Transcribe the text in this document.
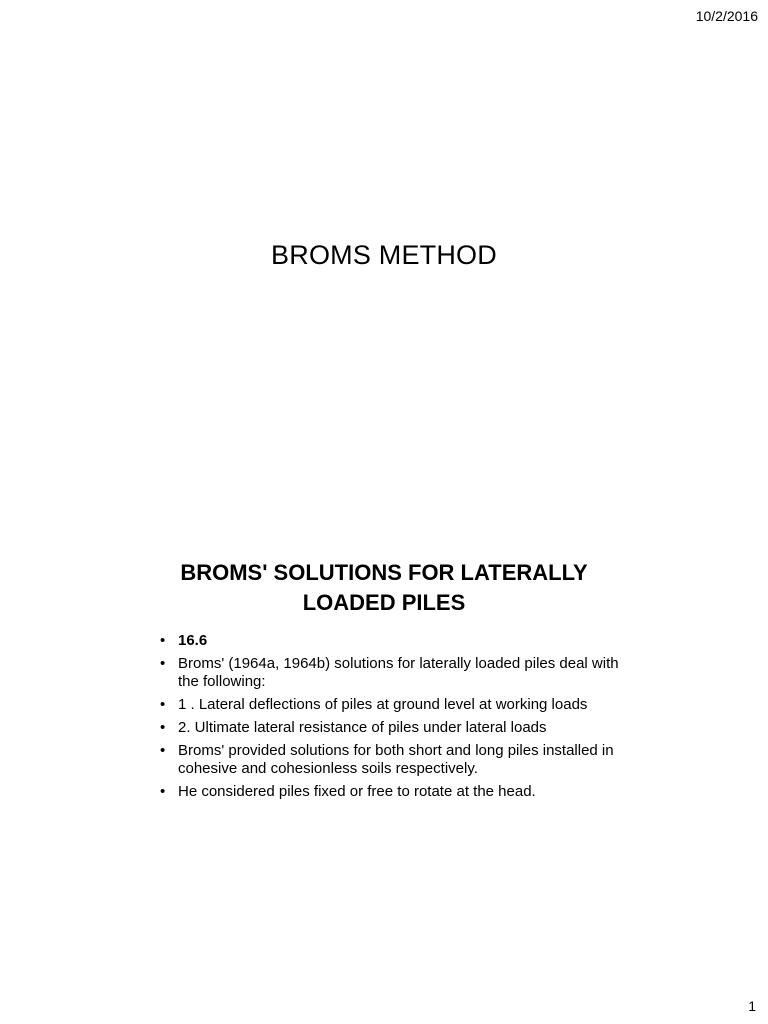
10/2/2016
BROMS METHOD
BROMS' SOLUTIONS FOR LATERALLY
LOADED PILES
• 16.6
• Broms' (1964a, 1964b) solutions for laterally loaded piles deal with the following:
• 1 . Lateral deflections of piles at ground level at working loads
• 2. Ultimate lateral resistance of piles under lateral loads
• Broms' provided solutions for both short and long piles installed in cohesive and cohesionless soils respectively.
• He considered piles fixed or free to rotate at the head.
1
